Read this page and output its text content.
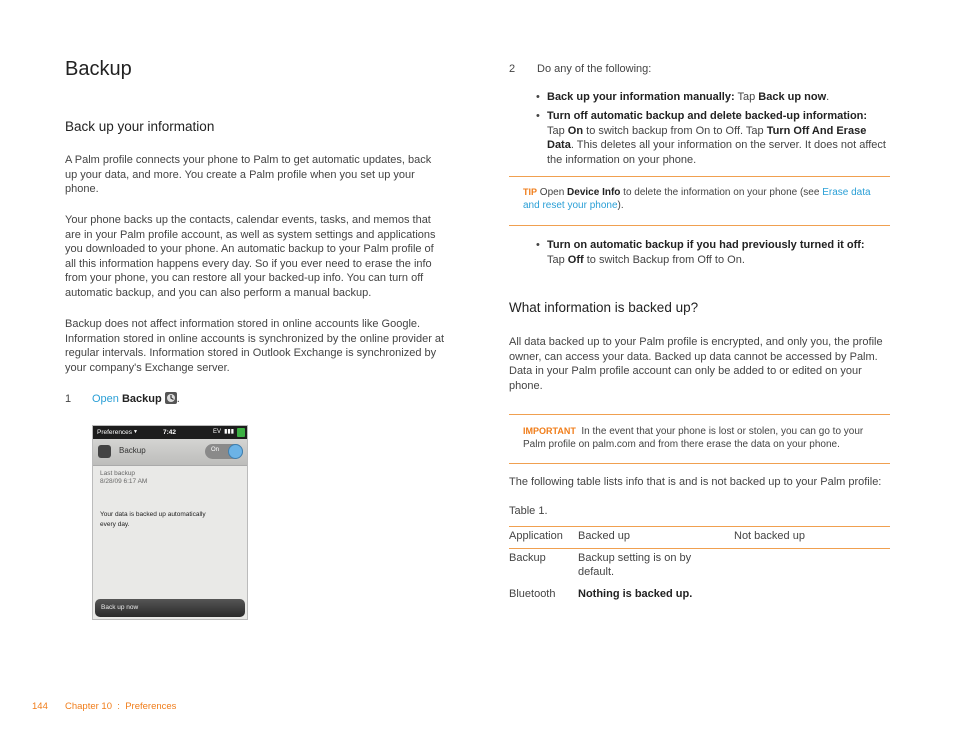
Backup
Back up your information
A Palm profile connects your phone to Palm to get automatic updates, back up your data, and more. You create a Palm profile when you set up your phone.
Your phone backs up the contacts, calendar events, tasks, and memos that are in your Palm profile account, as well as system settings and applications you downloaded to your phone. An automatic backup to your Palm profile of all this information happens every day. So if you ever need to erase the info from your phone, you can restore all your backed-up info. You can turn off automatic backup, and you can also perform a manual backup.
Backup does not affect information stored in online accounts like Google. Information stored in online accounts is synchronized by the online provider at regular intervals. Information stored in Outlook Exchange is synchronized by your company's Exchange server.
1 Open Backup .
Preferences ▼	7:42	▮▮▮
EV
Backup	On
Last backup
8/28/09 6:17 AM
Your data is backed up automatically
every day.
Back up now
2 Do any of the following:
• Back up your information manually: Tap Back up now.
• Turn off automatic backup and delete backed-up information:
Tap On to switch backup from On to Off. Tap Turn Off And Erase Data. This deletes all your information on the server. It does not affect the information on your phone.
TIP Open Device Info to delete the information on your phone (see Erase data and reset your phone).
• Turn on automatic backup if you had previously turned it off:
Tap Off to switch Backup from Off to On.
What information is backed up?
All data backed up to your Palm profile is encrypted, and only you, the profile owner, can access your data. Backed up data cannot be accessed by Palm. Data in your Palm profile account can only be added to or edited on your phone.
IMPORTANT In the event that your phone is lost or stolen, you can go to your Palm profile on palm.com and from there erase the data on your phone.
The following table lists info that is and is not backed up to your Palm profile:
Table 1.
Application Backed up	Not backed up
Backup	Backup setting is on by default.
Bluetooth Nothing is backed up.
144 Chapter 10  :  Preferences
